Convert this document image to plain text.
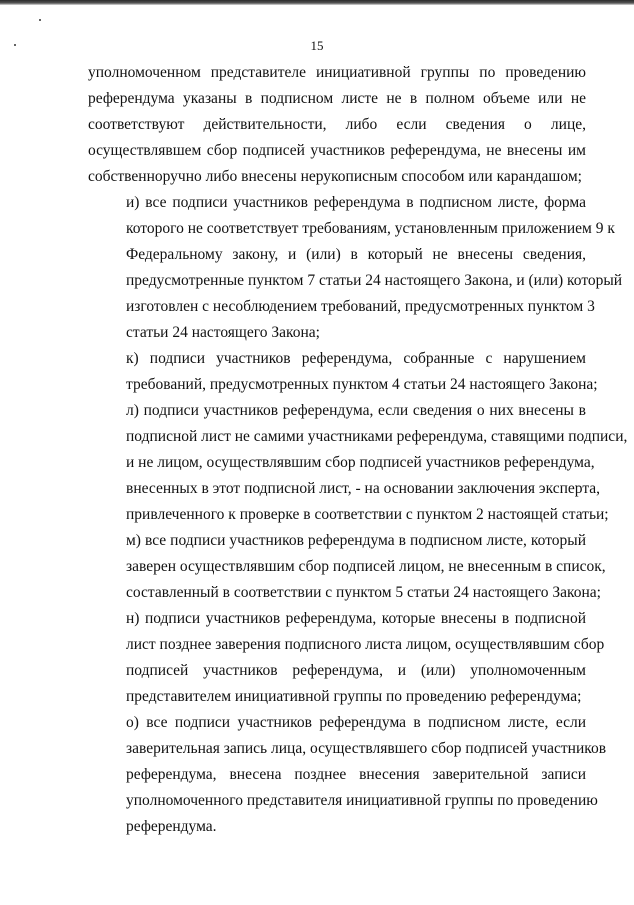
15
уполномоченном представителе инициативной группы по проведению
референдума указаны в подписном листе не в полном объеме или не
соответствуют действительности, либо если сведения о лице,
осуществлявшем сбор подписей участников референдума, не внесены им
собственноручно либо внесены нерукописным способом или карандашом;
и) все подписи участников референдума в подписном листе, форма
которого не соответствует требованиям, установленным приложением 9 к
Федеральному закону, и (или) в который не внесены сведения,
предусмотренные пунктом 7 статьи 24 настоящего Закона, и (или) который
изготовлен с несоблюдением требований, предусмотренных пунктом 3
статьи 24 настоящего Закона;
к) подписи участников референдума, собранные с нарушением
требований, предусмотренных пунктом 4 статьи 24 настоящего Закона;
л) подписи участников референдума, если сведения о них внесены в
подписной лист не самими участниками референдума, ставящими подписи,
и не лицом, осуществлявшим сбор подписей участников референдума,
внесенных в этот подписной лист, - на основании заключения эксперта,
привлеченного к проверке в соответствии с пунктом 2 настоящей статьи;
м) все подписи участников референдума в подписном листе, который
заверен осуществлявшим сбор подписей лицом, не внесенным в список,
составленный в соответствии с пунктом 5 статьи 24 настоящего Закона;
н) подписи участников референдума, которые внесены в подписной
лист позднее заверения подписного листа лицом, осуществлявшим сбор
подписей участников референдума, и (или) уполномоченным
представителем инициативной группы по проведению референдума;
о) все подписи участников референдума в подписном листе, если
заверительная запись лица, осуществлявшего сбор подписей участников
референдума, внесена позднее внесения заверительной записи
уполномоченного представителя инициативной группы по проведению
референдума.
